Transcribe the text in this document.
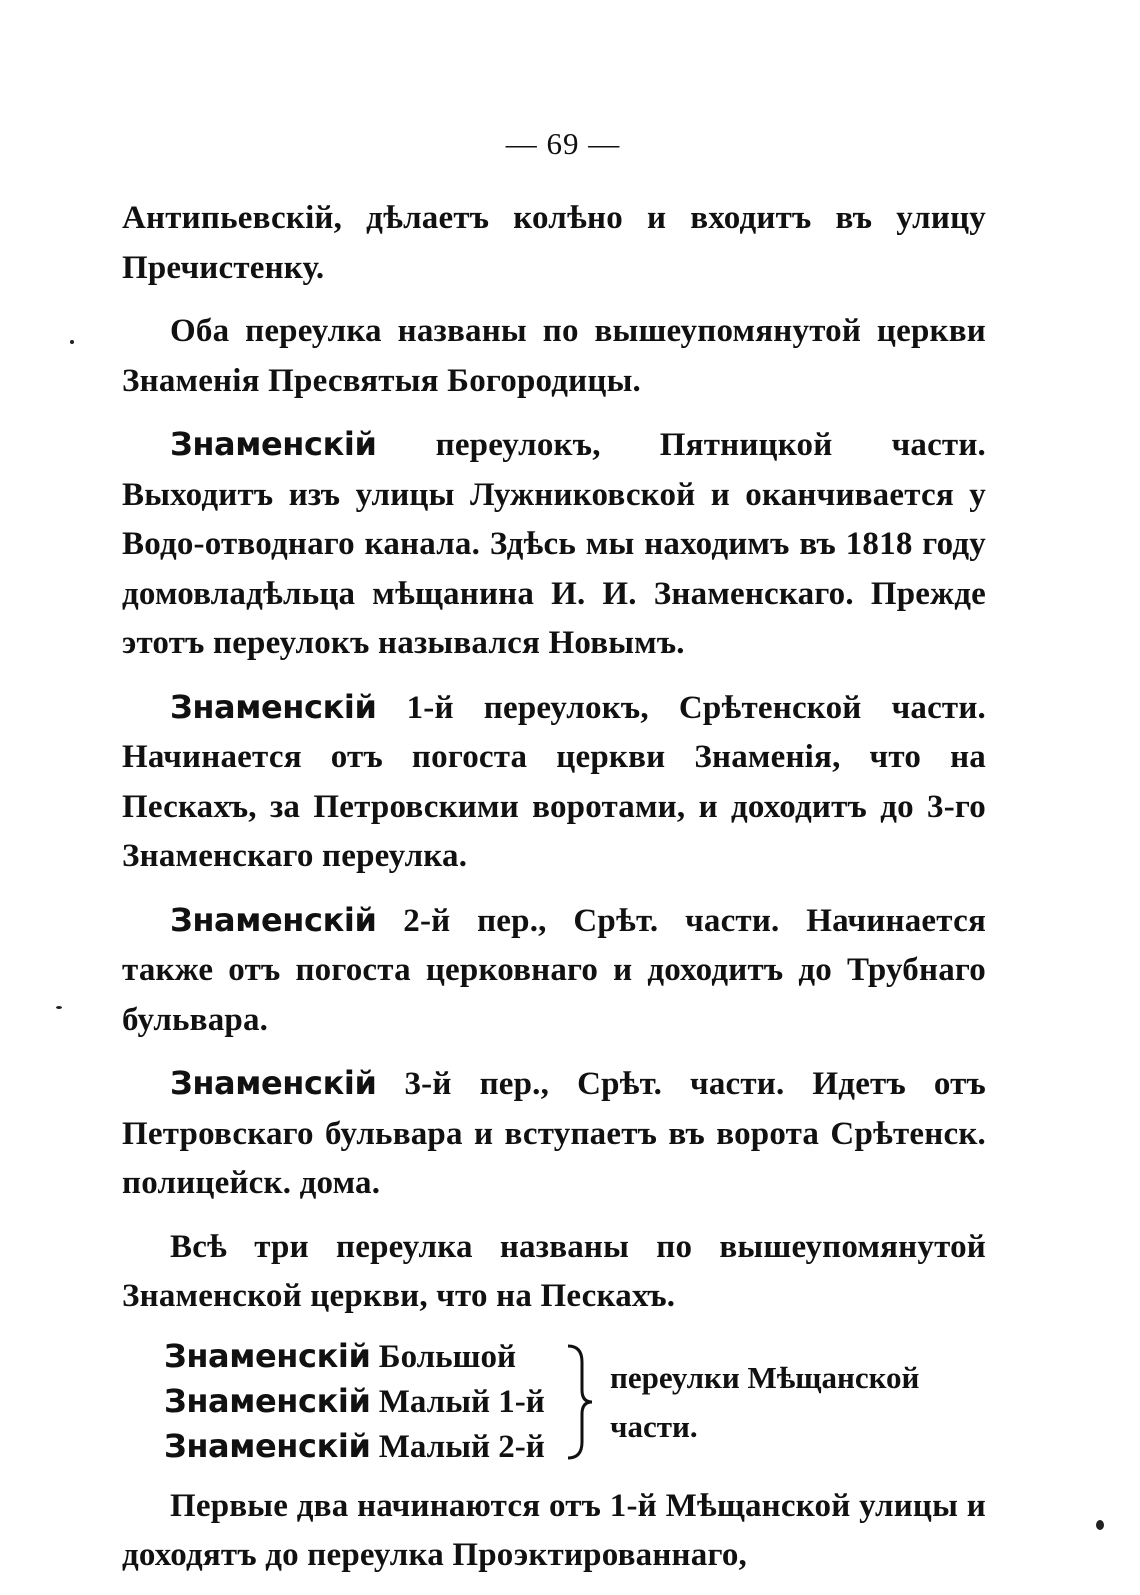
— 69 —

Антипьевскiй, дѣлаетъ колѣно и входитъ въ улицу Пречистенку.

Оба переулка названы по вышеупомянутой церкви Знаменiя Пресвятыя Богородицы.

Знаменскiй переулокъ, Пятницкой части. Выходитъ изъ улицы Лужниковской и оканчивается у Водо-отводнаго канала. Здѣсь мы находимъ въ 1818 году домовладѣльца мѣщанина И. И. Знаменскаго. Прежде этотъ переулокъ назывался Новымъ.

Знаменскiй 1-й переулокъ, Срѣтенской части. Начинается отъ погоста церкви Знаменiя, что на Пескахъ, за Петровскими воротами, и доходитъ до 3-го Знаменскаго переулка.

Знаменскiй 2-й пер., Срѣт. части. Начинается также отъ погоста церковнаго и доходитъ до Трубнаго бульвара.

Знаменскiй 3-й пер., Срѣт. части. Идетъ отъ Петровскаго бульвара и вступаетъ въ ворота Срѣтенск. полицейск. дома.

Всѣ три переулка названы по вышеупомянутой Знаменской церкви, что на Пескахъ.

Знаменскiй Большой
Знаменскiй Малый 1-й
Знаменскiй Малый 2-й
переулки Мѣщанской части.

Первые два начинаются отъ 1-й Мѣщанской улицы и доходятъ до переулка Проэктированнаго,
